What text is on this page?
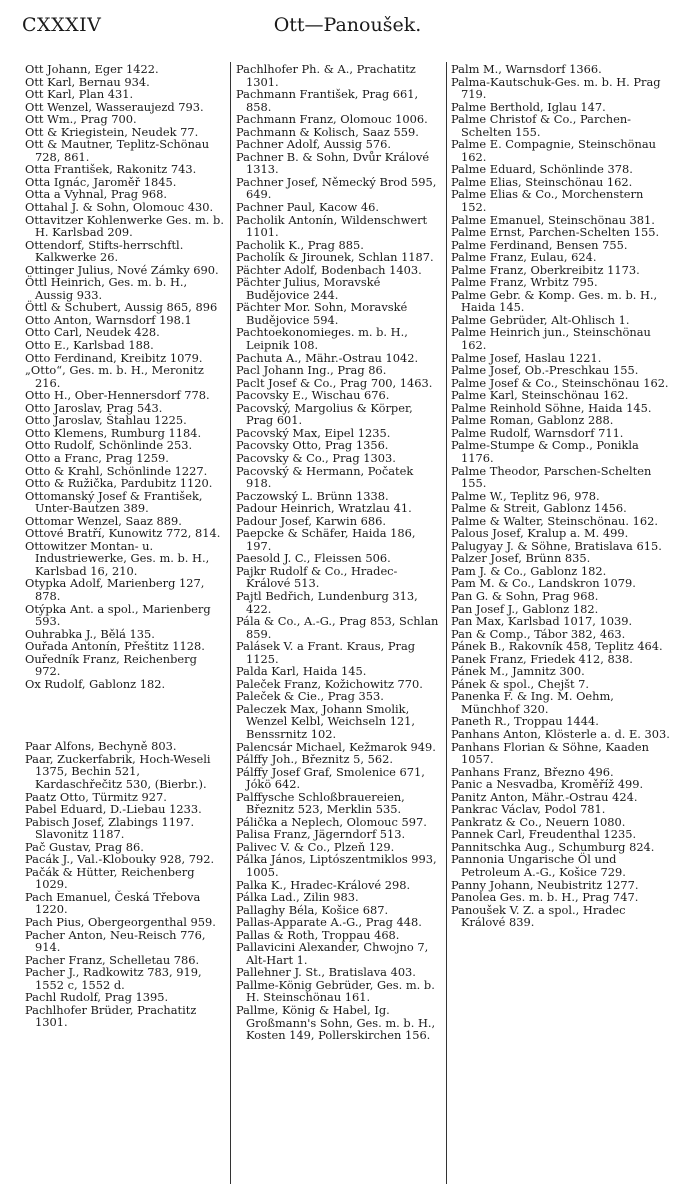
CXXXIV	Ott—Panoušek.
Ott Johann, Eger 1422.
Ott Karl, Bernau 934.
Ott Karl, Plan 431.
Ott Wenzel, Wasseraujezd 793.
Ott Wm., Prag 700.
Ott & Kriegistein, Neudek 77.
Ott & Mautner, Teplitz-Schönau 728, 861.
Otta František, Rakonitz 743.
Otta Ignác, Jaroměř 1845.
Otta a Vyhnal, Prag 968.
Ottahal J. & Sohn, Olomouc 430.
Ottavitzer Kohlenwerke Ges. m. b. H. Karlsbad 209.
Ottendorf, Stifts-herrschftl. Kalkwerke 26.
Ottinger Julius, Nové Zámky 690.
Öttl Heinrich, Ges. m. b. H., Aussig 933.
Öttl & Schubert, Aussig 865, 896
Otto Anton, Warnsdorf 198.1
Otto Carl, Neudek 428.
Otto E., Karlsbad 188.
Otto Ferdinand, Kreibitz 1079.
„Otto“, Ges. m. b. H., Meronitz 216.
Otto H., Ober-Hennersdorf 778.
Otto Jaroslav, Prag 543.
Otto Jaroslav, Štahlau 1225.
Otto Klemens, Rumburg 1184.
Otto Rudolf, Schönlinde 253.
Otto a Franc, Prag 1259.
Otto & Krahl, Schönlinde 1227.
Otto & Ružička, Pardubitz 1120.
Ottomanský Josef & František, Unter-Bautzen 389.
Ottomar Wenzel, Saaz 889.
Ottové Bratří, Kunowitz 772, 814.
Ottowitzer Montan- u. Industriewerke, Ges. m. b. H., Karlsbad 16, 210.
Otypka Adolf, Marienberg 127, 878.
Otýpka Ant. a spol., Marienberg 593.
Ouhrabka J., Bělá 135.
Ouřada Antonín, Přeštitz 1128.
Ouředník Franz, Reichenberg 972.
Ox Rudolf, Gablonz 182.
Paar Alfons, Bechyně 803.
Paar, Zuckerfabrik, Hoch-Weseli 1375, Bechin 521, Kardaschřečitz 530, (Bierbr.).
Paatz Otto, Türmitz 927.
Pabel Eduard, D.-Liebau 1233.
Pabisch Josef, Zlabings 1197. Slavonitz 1187.
Pač Gustav, Prag 86.
Pacák J., Val.-Klobouky 928, 792.
Pačák & Hütter, Reichenberg 1029.
Pach Emanuel, Česká Třebova 1220.
Pach Pius, Obergeorgenthal 959.
Pacher Anton, Neu-Reisch 776, 914.
Pacher Franz, Schelletau 786.
Pacher J., Radkowitz 783, 919, 1552 c, 1552 d.
Pachl Rudolf, Prag 1395.
Pachlhofer Brüder, Prachatitz 1301.
Pachlhofer Ph. & A., Prachatitz 1301.
Pachmann František, Prag 661, 858.
Pachmann Franz, Olomouc 1006.
Pachmann & Kolisch, Saaz 559.
Pachner Adolf, Aussig 576.
Pachner B. & Sohn, Dvůr Králové 1313.
Pachner Josef, Německý Brod 595, 649.
Pachner Paul, Kacow 46.
Pacholik Antonín, Wildenschwert 1101.
Pacholik K., Prag 885.
Pacholík & Jirounek, Schlan 1187.
Pächter Adolf, Bodenbach 1403.
Pächter Julius, Moravské Budějovice 244.
Pächter Mor. Sohn, Moravské Budějovice 594.
Pachtoekonomieges. m. b. H., Leipnik 108.
Pachuta A., Mähr.-Ostrau 1042.
Pacl Johann Ing., Prag 86.
Paclt Josef & Co., Prag 700, 1463.
Pacovsky E., Wischau 676.
Pacovský, Margolius & Körper, Prag 601.
Pacovský Max, Eipel 1235.
Pacovsky Otto, Prag 1356.
Pacovsky & Co., Prag 1303.
Pacovský & Hermann, Počatek 918.
Paczowský L. Brünn 1338.
Padour Heinrich, Wratzlau 41.
Padour Josef, Karwin 686.
Paepcke & Schäfer, Haida 186, 197.
Paesold J. C., Fleissen 506.
Pajkr Rudolf & Co., Hradec-Králové 513.
Pajtl Bedřich, Lundenburg 313, 422.
Pála & Co., A.-G., Prag 853, Schlan 859.
Palásek V. a Frant. Kraus, Prag 1125.
Palda Karl, Haida 145.
Paleček Franz, Kožichowitz 770.
Paleček & Cie., Prag 353.
Paleczek Max, Johann Smolik, Wenzel Kelbl, Weichseln 121, Benssrnitz 102.
Palencsár Michael, Kežmarok 949.
Pálffy Joh., Březnitz 5, 562.
Pálffy Josef Graf, Smolenice 671, Jókö 642.
Palffysche Schloßbrauereien, Březnitz 523, Merklin 535.
Pálička a Neplech, Olomouc 597.
Palisa Franz, Jägerndorf 513.
Palivec V. & Co., Plzeň 129.
Pálka János, Liptószentmiklos 993, 1005.
Palka K., Hradec-Králové 298.
Pálka Lad., Zilin 983.
Pallaghy Béla, Košice 687.
Pallas-Apparate A.-G., Prag 448.
Pallas & Roth, Troppau 468.
Pallavicini Alexander, Chwojno 7, Alt-Hart 1.
Pallehner J. St., Bratislava 403.
Pallme-König Gebrüder, Ges. m. b. H. Steinschönau 161.
Pallme, König & Habel, Ig. Großmann's Sohn, Ges. m. b. H., Kosten 149, Pollerskirchen 156.
Palm M., Warnsdorf 1366.
Palma-Kautschuk-Ges. m. b. H. Prag 719.
Palme Berthold, Iglau 147.
Palme Christof & Co., Parchen-Schelten 155.
Palme E. Compagnie, Steinschönau 162.
Palme Eduard, Schönlinde 378.
Palme Elias, Steinschönau 162.
Palme Elias & Co., Morchenstern 152.
Palme Emanuel, Steinschönau 381.
Palme Ernst, Parchen-Schelten 155.
Palme Ferdinand, Bensen 755.
Palme Franz, Eulau, 624.
Palme Franz, Oberkreibitz 1173.
Palme Franz, Wrbitz 795.
Palme Gebr. & Komp. Ges. m. b. H., Haida 145.
Palme Gebrüder, Alt-Ohlisch 1.
Palme Heinrich jun., Steinschönau 162.
Palme Josef, Haslau 1221.
Palme Josef, Ob.-Preschkau 155.
Palme Josef & Co., Steinschönau 162.
Palme Karl, Steinschönau 162.
Palme Reinhold Söhne, Haida 145.
Palme Roman, Gablonz 288.
Palme Rudolf, Warnsdorf 711.
Palme-Stumpe & Comp., Ponikla 1176.
Palme Theodor, Parschen-Schelten 155.
Palme W., Teplitz 96, 978.
Palme & Streit, Gablonz 1456.
Palme & Walter, Steinschönau. 162.
Palous Josef, Kralup a. M. 499.
Palugyay J. & Söhne, Bratislava 615.
Palzer Josef, Brünn 835.
Pam J. & Co., Gablonz 182.
Pam M. & Co., Landskron 1079.
Pan G. & Sohn, Prag 968.
Pan Josef J., Gablonz 182.
Pan Max, Karlsbad 1017, 1039.
Pan & Comp., Tábor 382, 463.
Pánek B., Rakovník 458, Teplitz 464.
Panek Franz, Friedek 412, 838.
Pánek M., Jamnitz 300.
Pánek & spol., Chejšt 7.
Panenka F. & Ing. M. Oehm, Münchhof 320.
Paneth R., Troppau 1444.
Panhans Anton, Klösterle a. d. E. 303.
Panhans Florian & Söhne, Kaaden 1057.
Panhans Franz, Březno 496.
Panic a Nesvadba, Kroměříž 499.
Panitz Anton, Mähr.-Ostrau 424.
Pankrac Václav, Podol 781.
Pankratz & Co., Neuern 1080.
Pannek Carl, Freudenthal 1235.
Pannitschka Aug., Schumburg 824.
Pannonia Ungarische Öl und Petroleum A.-G., Košice 729.
Panny Johann, Neubistritz 1277.
Panolea Ges. m. b. H., Prag 747.
Panoušek V. Z. a spol., Hradec Králové 839.
